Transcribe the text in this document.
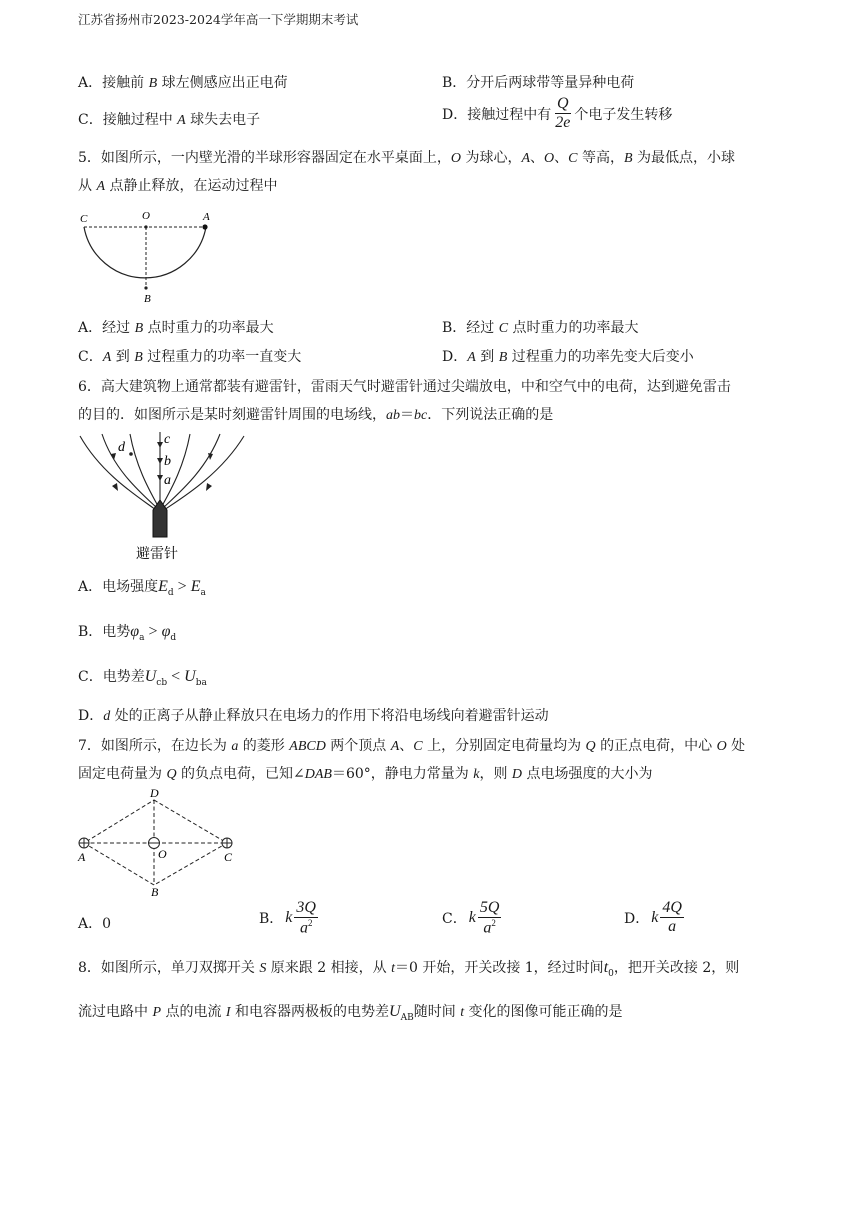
江苏省扬州市2023-2024学年高一下学期期末考试
A．接触前 B 球左侧感应出正电荷	B．分开后两球带等量异种电荷
C．接触过程中 A 球失去电子	D．接触过程中有 $\frac{Q}{2e}$ 个电子发生转移
5．如图所示，一内壁光滑的半球形容器固定在水平桌面上，O 为球心，A、O、C 等高，B 为最低点，小球
从 A 点静止释放，在运动过程中
C	O	A
B
A．经过 B 点时重力的功率最大	B．经过 C 点时重力的功率最大
C．A 到 B 过程重力的功率一直变大	D．A 到 B 过程重力的功率先变大后变小
6．高大建筑物上通常都装有避雷针，雷雨天气时避雷针通过尖端放电，中和空气中的电荷，达到避免雷击
的目的．如图所示是某时刻避雷针周围的电场线，ab＝bc．下列说法正确的是
c
b
a
d
避雷针
A．电场强度$E_d > E_a$
B．电势$\varphi_a > \varphi_d$
C．电势差$U_{cb} < U_{ba}$
D．d 处的正离子从静止释放只在电场力的作用下将沿电场线向着避雷针运动
7．如图所示，在边长为 a 的菱形 ABCD 两个顶点 A、C 上，分别固定电荷量均为 Q 的正点电荷，中心 O 处
固定电荷量为 Q 的负点电荷，已知∠DAB＝60°，静电力常量为 k，则 D 点电场强度的大小为
D
A	O	C
B
A．0	B． k $\frac{3Q}{a^2}$	C． k $\frac{5Q}{a^2}$	D． k $\frac{4Q}{a}$
8．如图所示，单刀双掷开关 S 原来跟 2 相接，从 t＝0 开始，开关改接 1，经过时间$t_0$，把开关改接 2，则
流过电路中 P 点的电流 I 和电容器两极板的电势差$U_{AB}$随时间 t 变化的图像可能正确的是
